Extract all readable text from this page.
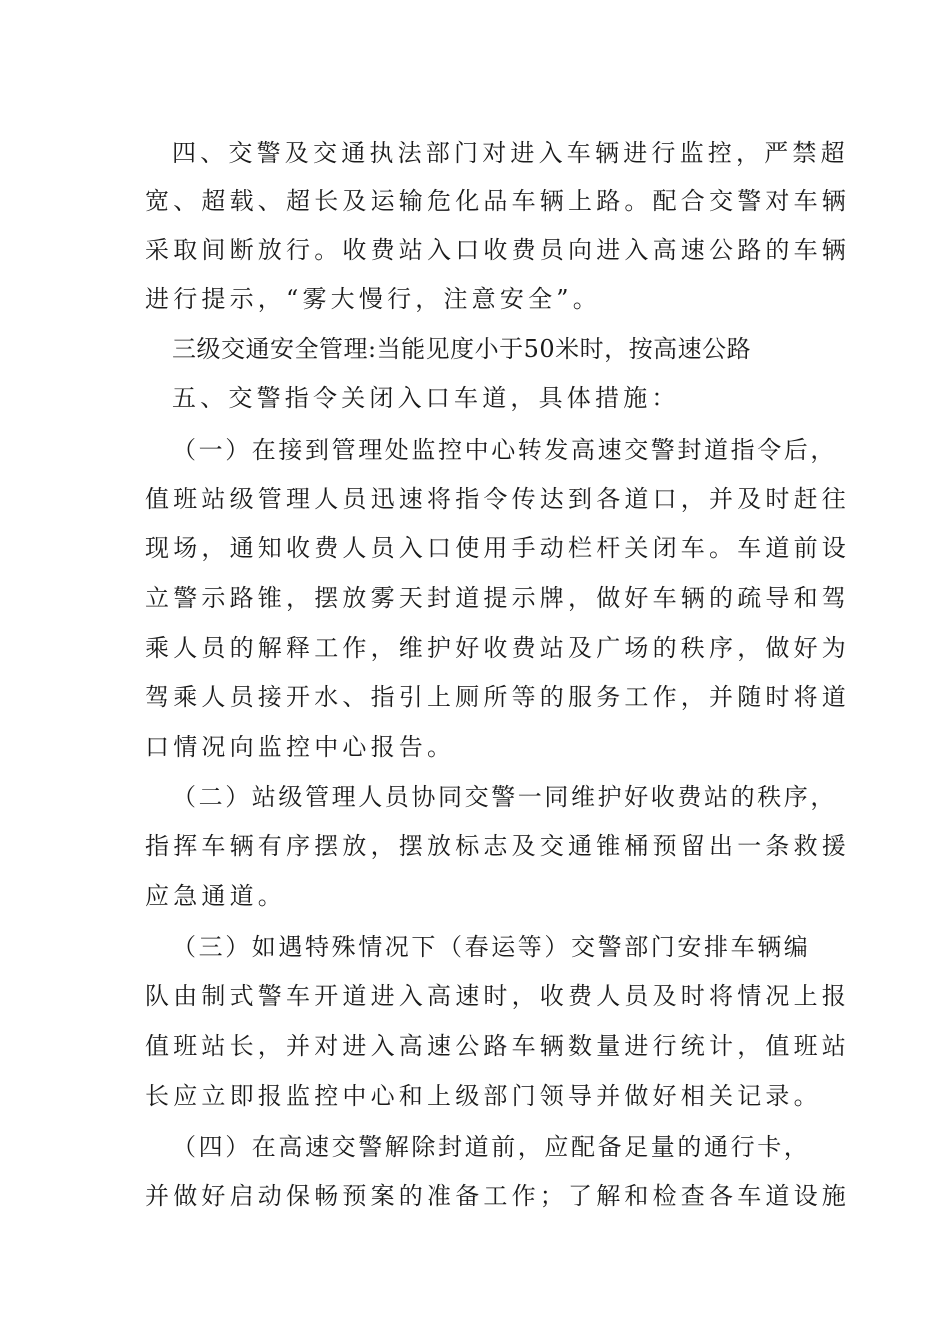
四、交警及交通执法部门对进入车辆进行监控，严禁超

宽、超载、超长及运输危化品车辆上路。配合交警对车辆

采取间断放行。收费站入口收费员向进入高速公路的车辆

进行提示，“雾大慢行，注意安全”。

三级交通安全管理:当能见度小于50米时，按高速公路

五、交警指令关闭入口车道，具体措施：

（一）在接到管理处监控中心转发高速交警封道指令后，

值班站级管理人员迅速将指令传达到各道口，并及时赶往

现场，通知收费人员入口使用手动栏杆关闭车。车道前设

立警示路锥，摆放雾天封道提示牌，做好车辆的疏导和驾

乘人员的解释工作，维护好收费站及广场的秩序，做好为

驾乘人员接开水、指引上厕所等的服务工作，并随时将道

口情况向监控中心报告。

（二）站级管理人员协同交警一同维护好收费站的秩序，

指挥车辆有序摆放，摆放标志及交通锥桶预留出一条救援

应急通道。

（三）如遇特殊情况下（春运等）交警部门安排车辆编

队由制式警车开道进入高速时，收费人员及时将情况上报

值班站长，并对进入高速公路车辆数量进行统计，值班站

长应立即报监控中心和上级部门领导并做好相关记录。

（四）在高速交警解除封道前，应配备足量的通行卡，

并做好启动保畅预案的准备工作；了解和检查各车道设施
